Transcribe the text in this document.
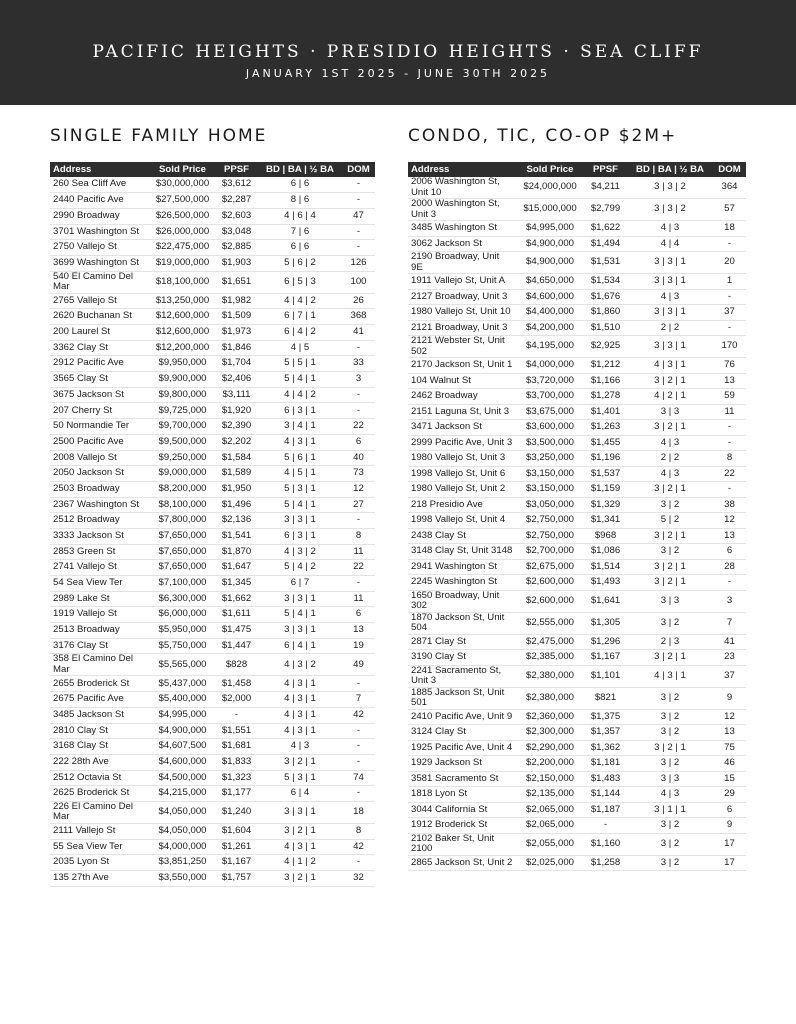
PACIFIC HEIGHTS · PRESIDIO HEIGHTS · SEA CLIFF
JANUARY 1ST 2025 - JUNE 30TH 2025
SINGLE FAMILY HOME	CONDO, TIC, CO-OP $2M+
Address	Sold Price	PPSF	BD | BA | ½ BA	DOM
260 Sea Cliff Ave	$30,000,000	$3,612	6 | 6	-
2440 Pacific Ave	$27,500,000	$2,287	8 | 6	-
2990 Broadway	$26,500,000	$2,603	4 | 6 | 4	47
3701 Washington St	$26,000,000	$3,048	7 | 6	-
2750 Vallejo St	$22,475,000	$2,885	6 | 6	-
3699 Washington St	$19,000,000	$1,903	5 | 6 | 2	126
540 El Camino Del Mar	$18,100,000	$1,651	6 | 5 | 3	100
2765 Vallejo St	$13,250,000	$1,982	4 | 4 | 2	26
2620 Buchanan St	$12,600,000	$1,509	6 | 7 | 1	368
200 Laurel St	$12,600,000	$1,973	6 | 4 | 2	41
3362 Clay St	$12,200,000	$1,846	4 | 5	-
2912 Pacific Ave	$9,950,000	$1,704	5 | 5 | 1	33
3565 Clay St	$9,900,000	$2,406	5 | 4 | 1	3
3675 Jackson St	$9,800,000	$3,111	4 | 4 | 2	-
207 Cherry St	$9,725,000	$1,920	6 | 3 | 1	-
50 Normandie Ter	$9,700,000	$2,390	3 | 4 | 1	22
2500 Pacific Ave	$9,500,000	$2,202	4 | 3 | 1	6
2008 Vallejo St	$9,250,000	$1,584	5 | 6 | 1	40
2050 Jackson St	$9,000,000	$1,589	4 | 5 | 1	73
2503 Broadway	$8,200,000	$1,950	5 | 3 | 1	12
2367 Washington St	$8,100,000	$1,496	5 | 4 | 1	27
2512 Broadway	$7,800,000	$2,136	3 | 3 | 1	-
3333 Jackson St	$7,650,000	$1,541	6 | 3 | 1	8
2853 Green St	$7,650,000	$1,870	4 | 3 | 2	11
2741 Vallejo St	$7,650,000	$1,647	5 | 4 | 2	22
54 Sea View Ter	$7,100,000	$1,345	6 | 7	-
2989 Lake St	$6,300,000	$1,662	3 | 3 | 1	11
1919 Vallejo St	$6,000,000	$1,611	5 | 4 | 1	6
2513 Broadway	$5,950,000	$1,475	3 | 3 | 1	13
3176 Clay St	$5,750,000	$1,447	6 | 4 | 1	19
358 El Camino Del Mar	$5,565,000	$828	4 | 3 | 2	49
2655 Broderick St	$5,437,000	$1,458	4 | 3 | 1	-
2675 Pacific Ave	$5,400,000	$2,000	4 | 3 | 1	7
3485 Jackson St	$4,995,000	-	4 | 3 | 1	42
2810 Clay St	$4,900,000	$1,551	4 | 3 | 1	-
3168 Clay St	$4,607,500	$1,681	4 | 3	-
222 28th Ave	$4,600,000	$1,833	3 | 2 | 1	-
2512 Octavia St	$4,500,000	$1,323	5 | 3 | 1	74
2625 Broderick St	$4,215,000	$1,177	6 | 4	-
226 El Camino Del Mar	$4,050,000	$1,240	3 | 3 | 1	18
2111 Vallejo St	$4,050,000	$1,604	3 | 2 | 1	8
55 Sea View Ter	$4,000,000	$1,261	4 | 3 | 1	42
2035 Lyon St	$3,851,250	$1,167	4 | 1 | 2	-
135 27th Ave	$3,550,000	$1,757	3 | 2 | 1	32
Address	Sold Price	PPSF	BD | BA | ½ BA	DOM
2006 Washington St, Unit 10	$24,000,000	$4,211	3 | 3 | 2	364
2000 Washington St, Unit 3	$15,000,000	$2,799	3 | 3 | 2	57
3485 Washington St	$4,995,000	$1,622	4 | 3	18
3062 Jackson St	$4,900,000	$1,494	4 | 4	-
2190 Broadway, Unit 9E	$4,900,000	$1,531	3 | 3 | 1	20
1911 Vallejo St, Unit A	$4,650,000	$1,534	3 | 3 | 1	1
2127 Broadway, Unit 3	$4,600,000	$1,676	4 | 3	-
1980 Vallejo St, Unit 10	$4,400,000	$1,860	3 | 3 | 1	37
2121 Broadway, Unit 3	$4,200,000	$1,510	2 | 2	-
2121 Webster St, Unit 502	$4,195,000	$2,925	3 | 3 | 1	170
2170 Jackson St, Unit 1	$4,000,000	$1,212	4 | 3 | 1	76
104 Walnut St	$3,720,000	$1,166	3 | 2 | 1	13
2462 Broadway	$3,700,000	$1,278	4 | 2 | 1	59
2151 Laguna St, Unit 3	$3,675,000	$1,401	3 | 3	11
3471 Jackson St	$3,600,000	$1,263	3 | 2 | 1	-
2999 Pacific Ave, Unit 3	$3,500,000	$1,455	4 | 3	-
1980 Vallejo St, Unit 3	$3,250,000	$1,196	2 | 2	8
1998 Vallejo St, Unit 6	$3,150,000	$1,537	4 | 3	22
1980 Vallejo St, Unit 2	$3,150,000	$1,159	3 | 2 | 1	-
218 Presidio Ave	$3,050,000	$1,329	3 | 2	38
1998 Vallejo St, Unit 4	$2,750,000	$1,341	5 | 2	12
2438 Clay St	$2,750,000	$968	3 | 2 | 1	13
3148 Clay St, Unit 3148	$2,700,000	$1,086	3 | 2	6
2941 Washington St	$2,675,000	$1,514	3 | 2 | 1	28
2245 Washington St	$2,600,000	$1,493	3 | 2 | 1	-
1650 Broadway, Unit 302	$2,600,000	$1,641	3 | 3	3
1870 Jackson St, Unit 504	$2,555,000	$1,305	3 | 2	7
2871 Clay St	$2,475,000	$1,296	2 | 3	41
3190 Clay St	$2,385,000	$1,167	3 | 2 | 1	23
2241 Sacramento St, Unit 3	$2,380,000	$1,101	4 | 3 | 1	37
1885 Jackson St, Unit 501	$2,380,000	$821	3 | 2	9
2410 Pacific Ave, Unit 9	$2,360,000	$1,375	3 | 2	12
3124 Clay St	$2,300,000	$1,357	3 | 2	13
1925 Pacific Ave, Unit 4	$2,290,000	$1,362	3 | 2 | 1	75
1929 Jackson St	$2,200,000	$1,181	3 | 2	46
3581 Sacramento St	$2,150,000	$1,483	3 | 3	15
1818 Lyon St	$2,135,000	$1,144	4 | 3	29
3044 California St	$2,065,000	$1,187	3 | 1 | 1	6
1912 Broderick St	$2,065,000	-	3 | 2	9
2102 Baker St, Unit 2100	$2,055,000	$1,160	3 | 2	17
2865 Jackson St, Unit 2	$2,025,000	$1,258	3 | 2	17
